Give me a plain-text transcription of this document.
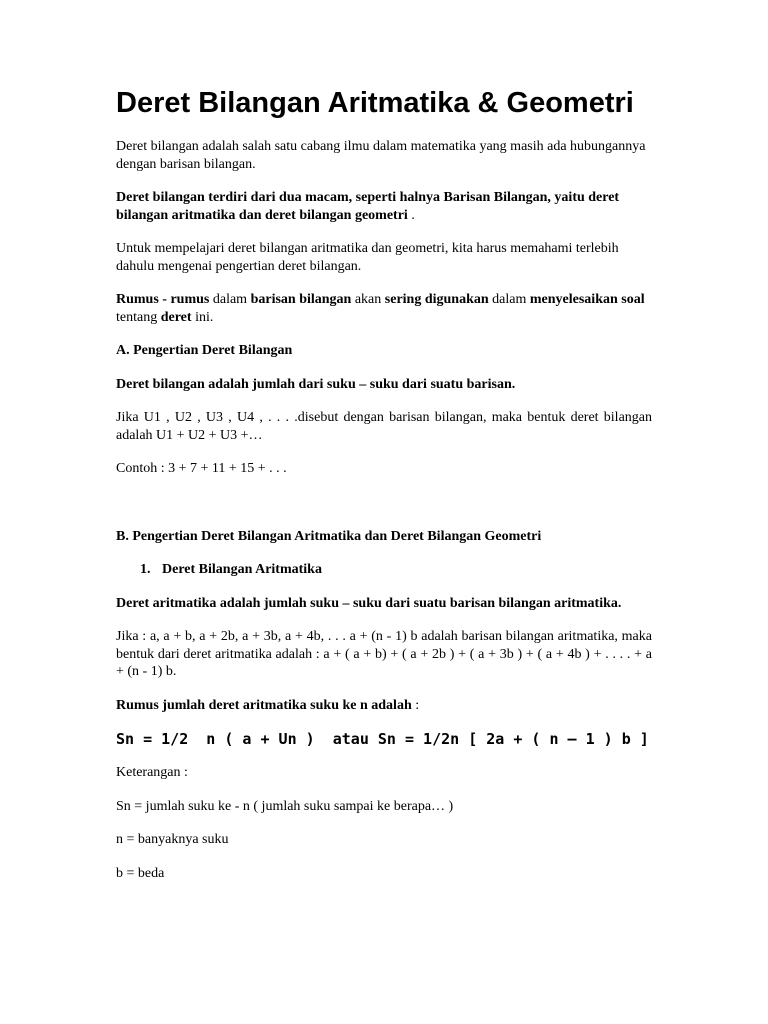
Deret Bilangan Aritmatika & Geometri

Deret bilangan adalah salah satu cabang ilmu dalam matematika yang masih ada hubungannya dengan barisan bilangan.

Deret bilangan terdiri dari dua macam, seperti halnya Barisan Bilangan, yaitu deret bilangan aritmatika dan deret bilangan geometri .

Untuk mempelajari deret bilangan aritmatika dan geometri, kita harus memahami terlebih dahulu mengenai pengertian deret bilangan.

Rumus - rumus dalam barisan bilangan akan sering digunakan dalam menyelesaikan soal tentang deret ini.

A. Pengertian Deret Bilangan

Deret bilangan adalah jumlah dari suku – suku dari suatu barisan.

Jika U1 , U2 , U3 , U4 , . . . .disebut dengan barisan bilangan, maka bentuk deret bilangan adalah U1 + U2 + U3 +…

Contoh : 3 + 7 + 11 + 15 + . . .

B. Pengertian Deret Bilangan Aritmatika dan Deret Bilangan Geometri

1. Deret Bilangan Aritmatika

Deret aritmatika adalah jumlah suku – suku dari suatu barisan bilangan aritmatika.

Jika : a, a + b, a + 2b, a + 3b, a + 4b, . . . a + (n - 1) b adalah barisan bilangan aritmatika, maka bentuk dari deret aritmatika adalah : a + ( a + b) + ( a + 2b ) + ( a + 3b ) + ( a + 4b ) + . . . . + a + (n - 1) b.

Rumus jumlah deret aritmatika suku ke n adalah :

Sn = 1/2  n ( a + Un )  atau Sn = 1/2n [ 2a + ( n – 1 ) b ]

Keterangan :

Sn = jumlah suku ke - n ( jumlah suku sampai ke berapa… )

n = banyaknya suku

b = beda
